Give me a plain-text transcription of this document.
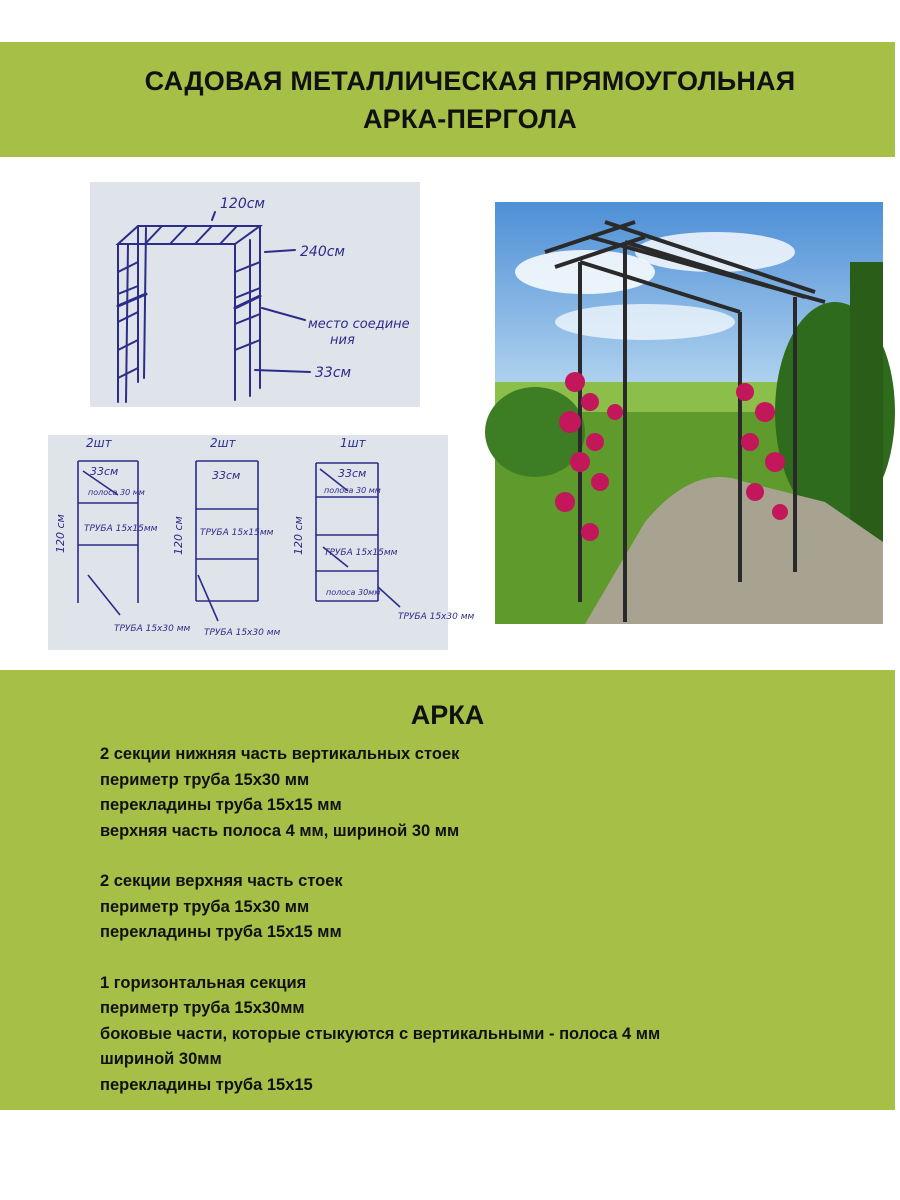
САДОВАЯ МЕТАЛЛИЧЕСКАЯ ПРЯМОУГОЛЬНАЯ
АРКА-ПЕРГОЛА
120см
240см
место соедине
ния
33см
2шт
33см
полоса 30 мм
ТРУБА 15х15мм
120 см
ТРУБА 15х30 мм
2шт
33см
ТРУБА 15х15мм
120 см
ТРУБА 15х30 мм
1шт
33см
полоса 30 мм
ТРУБА 15х15мм
полоса 30мм
120 см
ТРУБА 15х30 мм
АРКА

2 секции нижняя часть вертикальных стоек
периметр труба 15х30 мм
перекладины труба 15х15 мм
верхняя часть полоса 4 мм, шириной 30 мм

2 секции верхняя часть стоек
периметр труба 15х30 мм
перекладины труба 15х15 мм

1 горизонтальная секция
периметр труба 15х30мм
боковые части, которые стыкуются с вертикальными - полоса 4 мм
шириной 30мм
перекладины труба 15х15
